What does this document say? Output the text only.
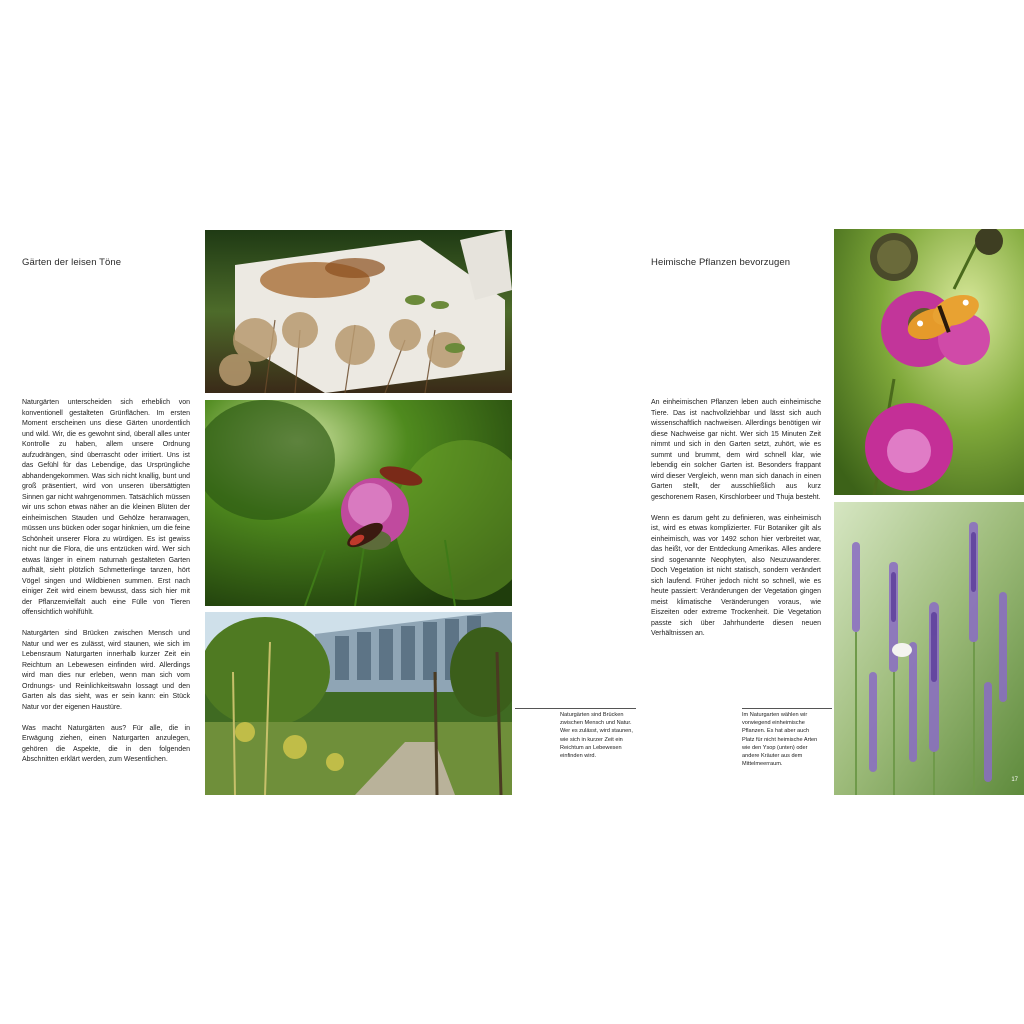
Gärten der leisen Töne

Naturgärten unterscheiden sich erheblich von konventionell gestalteten Grünflächen. Im ersten Moment erscheinen uns diese Gärten unordentlich und wild. Wir, die es gewohnt sind, überall alles unter Kontrolle zu haben, allem unsere Ordnung aufzudrängen, sind überrascht oder irritiert. Uns ist das Gefühl für das Lebendige, das Ursprüngliche abhandengekommen. Was sich nicht knallig, bunt und groß präsentiert, wird von unseren übersättigten Sinnen gar nicht wahrgenommen. Tatsächlich müssen wir uns schon etwas näher an die kleinen Blüten der einheimischen Stauden und Gehölze heranwagen, müssen uns bücken oder sogar hinknien, um die feine Schönheit unserer Flora zu würdigen. Es ist gewiss nicht nur die Flora, die uns entzücken wird. Wer sich etwas länger in einem naturnah gestalteten Garten aufhält, sieht plötzlich Schmetterlinge tanzen, hört Vögel singen und Wildbienen summen. Erst nach einiger Zeit wird einem bewusst, dass sich hier mit der Pflanzenvielfalt auch eine Fülle von Tieren offensichtlich wohlfühlt.

Naturgärten sind Brücken zwischen Mensch und Natur und wer es zulässt, wird staunen, wie sich im Lebensraum Naturgarten innerhalb kurzer Zeit ein Reichtum an Lebewesen einfinden wird. Allerdings wird man dies nur erleben, wenn man sich vom Ordnungs- und Reinlichkeitswahn lossagt und den Garten als das sieht, was er sein kann: ein Stück Natur vor der eigenen Haustüre.

Was macht Naturgärten aus? Für alle, die in Erwägung ziehen, einen Naturgarten anzulegen, gehören die Aspekte, die in den folgenden Abschnitten erklärt werden, zum Wesentlichen.

Naturgärten sind Brücken zwischen Mensch und Natur. Wer es zulässt, wird staunen, wie sich in kurzer Zeit ein Reichtum an Lebewesen einfinden wird.
Heimische Pflanzen bevorzugen

An einheimischen Pflanzen leben auch einheimische Tiere. Das ist nachvollziehbar und lässt sich auch wissenschaftlich nachweisen. Allerdings benötigen wir diese Nachweise gar nicht. Wer sich 15 Minuten Zeit nimmt und sich in den Garten setzt, zuhört, wie es summt und brummt, dem wird schnell klar, wie lebendig ein solcher Garten ist. Besonders frappant wird dieser Vergleich, wenn man sich danach in einen Garten stellt, der ausschließlich aus kurz geschorenem Rasen, Kirschlorbeer und Thuja besteht.

Wenn es darum geht zu definieren, was einheimisch ist, wird es etwas komplizierter. Für Botaniker gilt als einheimisch, was vor 1492 schon hier verbreitet war, das heißt, vor der Entdeckung Amerikas. Alles andere sind sogenannte Neophyten, also Neuzuwanderer. Doch Vegetation ist nicht statisch, sondern verändert sich laufend. Früher jedoch nicht so schnell, wie es heute passiert: Veränderungen der Vegetation gingen meist klimatische Veränderungen voraus, wie Eiszeiten oder extreme Trockenheit. Die Vegetation passte sich über Jahrhunderte diesen neuen Verhältnissen an.

Im Naturgarten wählen wir vorwiegend einheimische Pflanzen. Es hat aber auch Platz für nicht heimische Arten wie den Ysop (unten) oder andere Kräuter aus dem Mittelmeerraum.
17
